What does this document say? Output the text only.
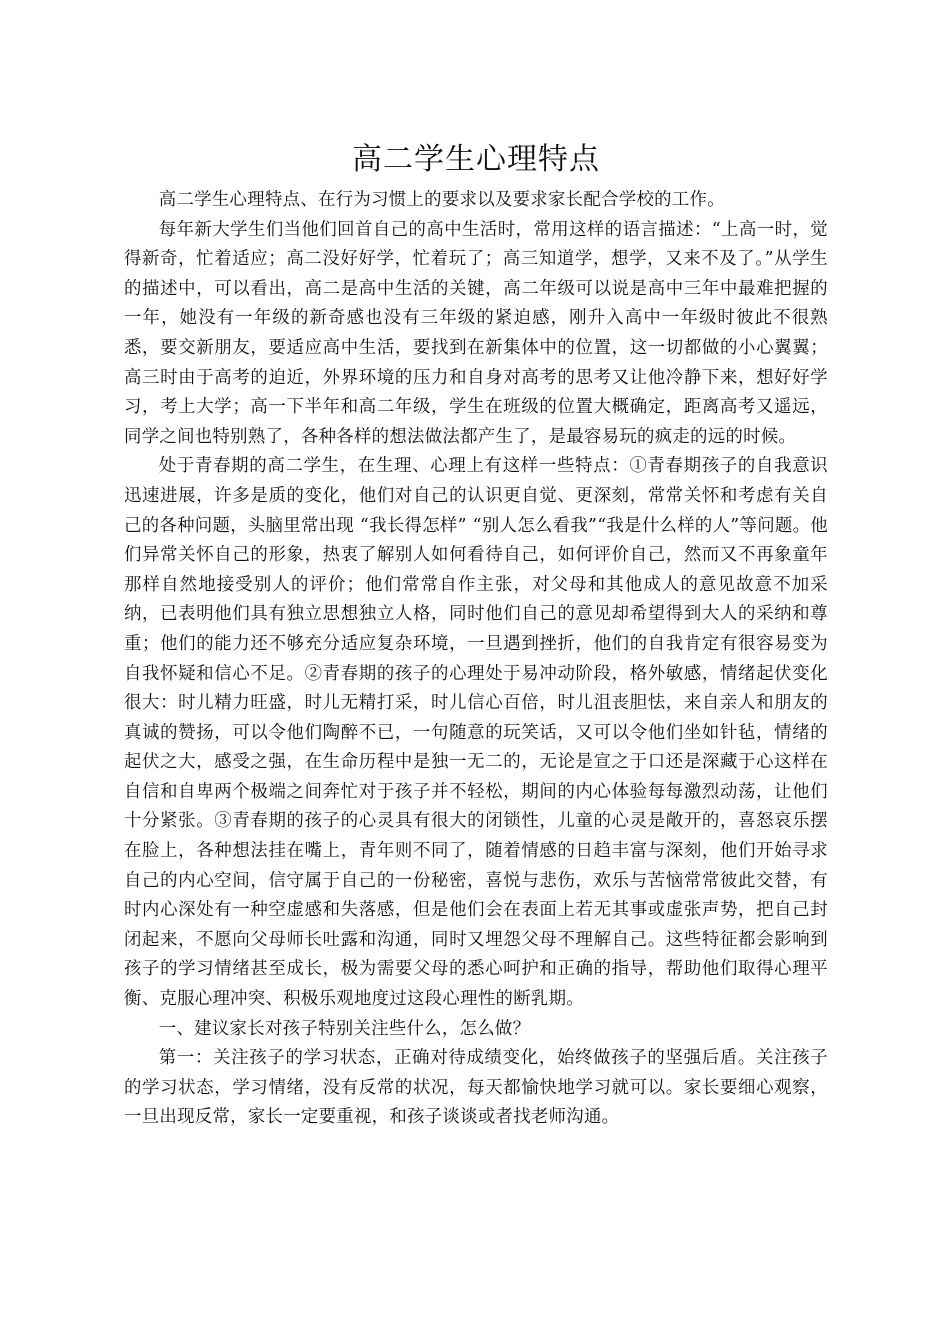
高二学生心理特点

高二学生心理特点、在行为习惯上的要求以及要求家长配合学校的工作。

每年新大学生们当他们回首自己的高中生活时，常用这样的语言描述：“上高一时，觉得新奇，忙着适应；高二没好好学，忙着玩了；高三知道学，想学，又来不及了。”从学生的描述中，可以看出，高二是高中生活的关键，高二年级可以说是高中三年中最难把握的一年，她没有一年级的新奇感也没有三年级的紧迫感，刚升入高中一年级时彼此不很熟悉，要交新朋友，要适应高中生活，要找到在新集体中的位置，这一切都做的小心翼翼；高三时由于高考的迫近，外界环境的压力和自身对高考的思考又让他冷静下来，想好好学习，考上大学；高一下半年和高二年级，学生在班级的位置大概确定，距离高考又遥远，同学之间也特别熟了，各种各样的想法做法都产生了，是最容易玩的疯走的远的时候。

处于青春期的高二学生，在生理、心理上有这样一些特点：①青春期孩子的自我意识迅速进展，许多是质的变化，他们对自己的认识更自觉、更深刻，常常关怀和考虑有关自己的各种问题，头脑里常出现 “我长得怎样” “别人怎么看我”“我是什么样的人”等问题。他们异常关怀自己的形象，热衷了解别人如何看待自己，如何评价自己，然而又不再象童年那样自然地接受别人的评价；他们常常自作主张，对父母和其他成人的意见故意不加采纳，已表明他们具有独立思想独立人格，同时他们自己的意见却希望得到大人的采纳和尊重；他们的能力还不够充分适应复杂环境，一旦遇到挫折，他们的自我肯定有很容易变为自我怀疑和信心不足。②青春期的孩子的心理处于易冲动阶段，格外敏感，情绪起伏变化很大：时儿精力旺盛，时儿无精打采，时儿信心百倍，时儿沮丧胆怯，来自亲人和朋友的真诚的赞扬，可以令他们陶醉不已，一句随意的玩笑话，又可以令他们坐如针毡，情绪的起伏之大，感受之强，在生命历程中是独一无二的，无论是宣之于口还是深藏于心这样在自信和自卑两个极端之间奔忙对于孩子并不轻松，期间的内心体验每每激烈动荡，让他们十分紧张。③青春期的孩子的心灵具有很大的闭锁性，儿童的心灵是敞开的，喜怒哀乐摆在脸上，各种想法挂在嘴上，青年则不同了，随着情感的日趋丰富与深刻，他们开始寻求自己的内心空间，信守属于自己的一份秘密，喜悦与悲伤，欢乐与苦恼常常彼此交替，有时内心深处有一种空虚感和失落感，但是他们会在表面上若无其事或虚张声势，把自己封闭起来，不愿向父母师长吐露和沟通，同时又埋怨父母不理解自己。这些特征都会影响到孩子的学习情绪甚至成长，极为需要父母的悉心呵护和正确的指导，帮助他们取得心理平衡、克服心理冲突、积极乐观地度过这段心理性的断乳期。

一、建议家长对孩子特别关注些什么，怎么做？

第一：关注孩子的学习状态，正确对待成绩变化，始终做孩子的坚强后盾。关注孩子的学习状态，学习情绪，没有反常的状况，每天都愉快地学习就可以。家长要细心观察，一旦出现反常，家长一定要重视，和孩子谈谈或者找老师沟通。
